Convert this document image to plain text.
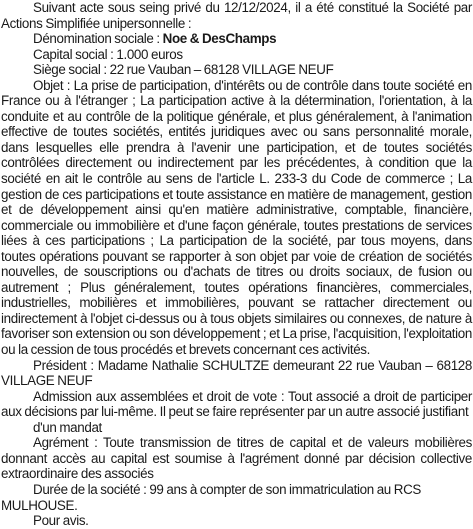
Suivant acte sous seing privé du 12/12/2024, il a été constitué la Société par Actions Simplifiée unipersonnelle :

Dénomination sociale : Noe & DesChamps

Capital social : 1.000 euros

Siège social : 22 rue Vauban – 68128 VILLAGE NEUF

Objet : La prise de participation, d'intérêts ou de contrôle dans toute société en France ou à l'étranger ; La participation active à la détermination, l'orientation, à la conduite et au contrôle de la politique générale, et plus généralement, à l'animation effective de toutes sociétés, entités juridiques avec ou sans personnalité morale, dans lesquelles elle prendra à l'avenir une participation, et de toutes sociétés contrôlées directement ou indirectement par les précédentes, à condition que la société en ait le contrôle au sens de l'article L. 233-3 du Code de commerce ; La gestion de ces participations et toute assistance en matière de management, gestion et de développement ainsi qu'en matière administrative, comptable, financière, commerciale ou immobilière et d'une façon générale, toutes prestations de services liées à ces participations ; La participation de la société, par tous moyens, dans toutes opérations pouvant se rapporter à son objet par voie de création de sociétés nouvelles, de souscriptions ou d'achats de titres ou droits sociaux, de fusion ou autrement ; Plus généralement, toutes opérations financières, commerciales, industrielles, mobilières et immobilières, pouvant se rattacher directement ou indirectement à l'objet ci-dessus ou à tous objets similaires ou connexes, de nature à favoriser son extension ou son développement ; et La prise, l'acquisition, l'exploitation ou la cession de tous procédés et brevets concernant ces activités.

Président : Madame Nathalie SCHULTZE demeurant 22 rue Vauban – 68128 VILLAGE NEUF

Admission aux assemblées et droit de vote : Tout associé a droit de participer aux décisions par lui-même. Il peut se faire représenter par un autre associé justifiant

d'un mandat

Agrément : Toute transmission de titres de capital et de valeurs mobilières donnant accès au capital est soumise à l'agrément donné par décision collective extraordinaire des associés

Durée de la société : 99 ans à compter de son immatriculation au RCS MULHOUSE.

Pour avis.
